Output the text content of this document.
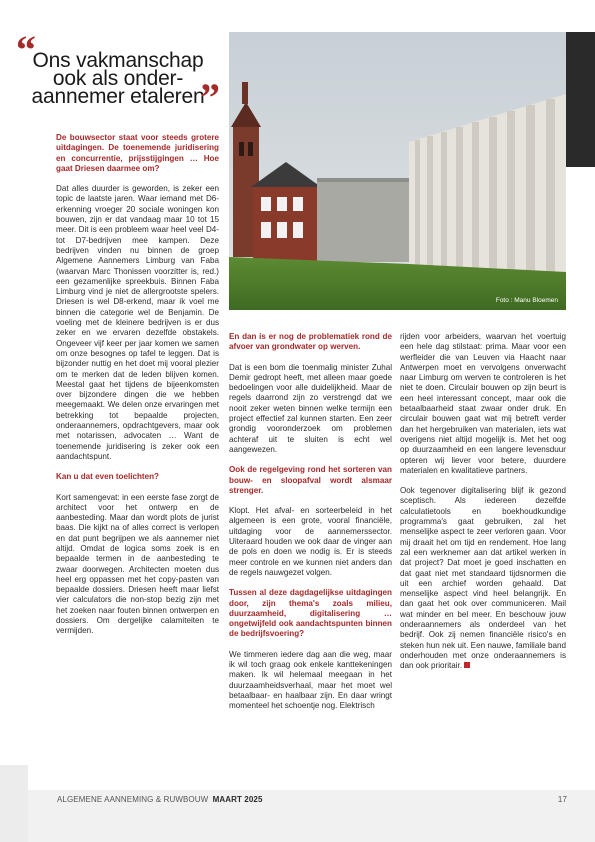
“
Ons vakmanschap
ook als onder-
aannemer etaleren
”
Foto : Manu Bloemen

De bouwsector staat voor steeds grotere uitdagingen. De toenemende juridisering en concurrentie, prijsstijgingen … Hoe gaat Driesen daarmee om?

Dat alles duurder is geworden, is zeker een topic de laatste jaren. Waar iemand met D6-erkenning vroeger 20 sociale woningen kon bouwen, zijn er dat vandaag maar 10 tot 15 meer. Dit is een probleem waar heel veel D4- tot D7-bedrijven mee kampen. Deze bedrijven vinden nu binnen de groep Algemene Aannemers Limburg van Faba (waarvan Marc Thonissen voorzitter is, red.) een gezamenlijke spreekbuis. Binnen Faba Limburg vind je niet de allergrootste spelers. Driesen is wel D8-erkend, maar ik voel me binnen die categorie wel de Benjamin. De voeling met de kleinere bedrijven is er dus zeker en we ervaren dezelfde obstakels. Ongeveer vijf keer per jaar komen we samen om onze besognes op tafel te leggen. Dat is bijzonder nuttig en het doet mij vooral plezier om te merken dat de leden blijven komen. Meestal gaat het tijdens de bijeenkomsten over bijzondere dingen die we hebben meegemaakt. We delen onze ervaringen met betrekking tot bepaalde projecten, onderaannemers, opdrachtgevers, maar ook met notarissen, advocaten … Want de toenemende juridisering is zeker ook een aandachtspunt.

Kan u dat even toelichten?

Kort samengevat: in een eerste fase zorgt de architect voor het ontwerp en de aanbesteding. Maar dan wordt plots de jurist baas. Die kijkt na of alles correct is verlopen en dat punt begrijpen we als aannemer niet altijd. Omdat de logica soms zoek is en bepaalde termen in de aanbesteding te zwaar doorwegen. Architecten moeten dus heel erg oppassen met het copy-pasten van bepaalde dossiers. Driesen heeft maar liefst vier calculators die non-stop bezig zijn met het zoeken naar fouten binnen ontwerpen en dossiers. Om dergelijke calamiteiten te vermijden.

En dan is er nog de problematiek rond de afvoer van grondwater op werven.

Dat is een bom die toenmalig minister Zuhal Demir gedropt heeft, met alleen maar goede bedoelingen voor alle duidelijkheid. Maar de regels daarrond zijn zo verstrengd dat we nooit zeker weten binnen welke termijn een project effectief zal kunnen starten. Een zeer grondig vooronderzoek om problemen achteraf uit te sluiten is echt wel aangewezen.

Ook de regelgeving rond het sorteren van bouw- en sloopafval wordt alsmaar strenger.

Klopt. Het afval- en sorteerbeleid in het algemeen is een grote, vooral financiële, uitdaging voor de aannemerssector. Uiteraard houden we ook daar de vinger aan de pols en doen we nodig is. Er is steeds meer controle en we kunnen niet anders dan de regels nauwgezet volgen.

Tussen al deze dagdagelijkse uitdagingen door, zijn thema's zoals milieu, duurzaamheid, digitalisering … ongetwijfeld ook aandachtspunten binnen de bedrijfsvoering?

We timmeren iedere dag aan die weg, maar ik wil toch graag ook enkele kanttekeningen maken. Ik wil helemaal meegaan in het duurzaamheidsverhaal, maar het moet wel betaalbaar- en haalbaar zijn. En daar wringt momenteel het schoentje nog. Elektrisch

rijden voor arbeiders, waarvan het voertuig een hele dag stilstaat: prima. Maar voor een werfleider die van Leuven via Haacht naar Antwerpen moet en vervolgens onverwacht naar Limburg om werven te controleren is het niet te doen. Circulair bouwen op zijn beurt is een heel interessant concept, maar ook die betaalbaarheid staat zwaar onder druk. En circulair bouwen gaat wat mij betreft verder dan het hergebruiken van materialen, iets wat overigens niet altijd mogelijk is. Met het oog op duurzaamheid en een langere levensduur opteren wij liever voor betere, duurdere materialen en kwalitatieve partners.

Ook tegenover digitalisering blijf ik gezond sceptisch. Als iedereen dezelfde calculatietools en boekhoudkundige programma's gaat gebruiken, zal het menselijke aspect te zeer verloren gaan. Voor mij draait het om tijd en rendement. Hoe lang zal een werknemer aan dat artikel werken in dat project? Dat moet je goed inschatten en dat gaat niet met standaard tijdsnormen die uit een archief worden gehaald. Dat menselijke aspect vind heel belangrijk. En dan gaat het ook over communiceren. Mail wat minder en bel meer. En beschouw jouw onderaannemers als onderdeel van het bedrijf. Ook zij nemen financiële risico's en steken hun nek uit. Een nauwe, familiale band onderhouden met onze onderaannemers is dan ook prioritair.

ALGEMENE AANNEMING & RUWBOUW MAART 2025	17
